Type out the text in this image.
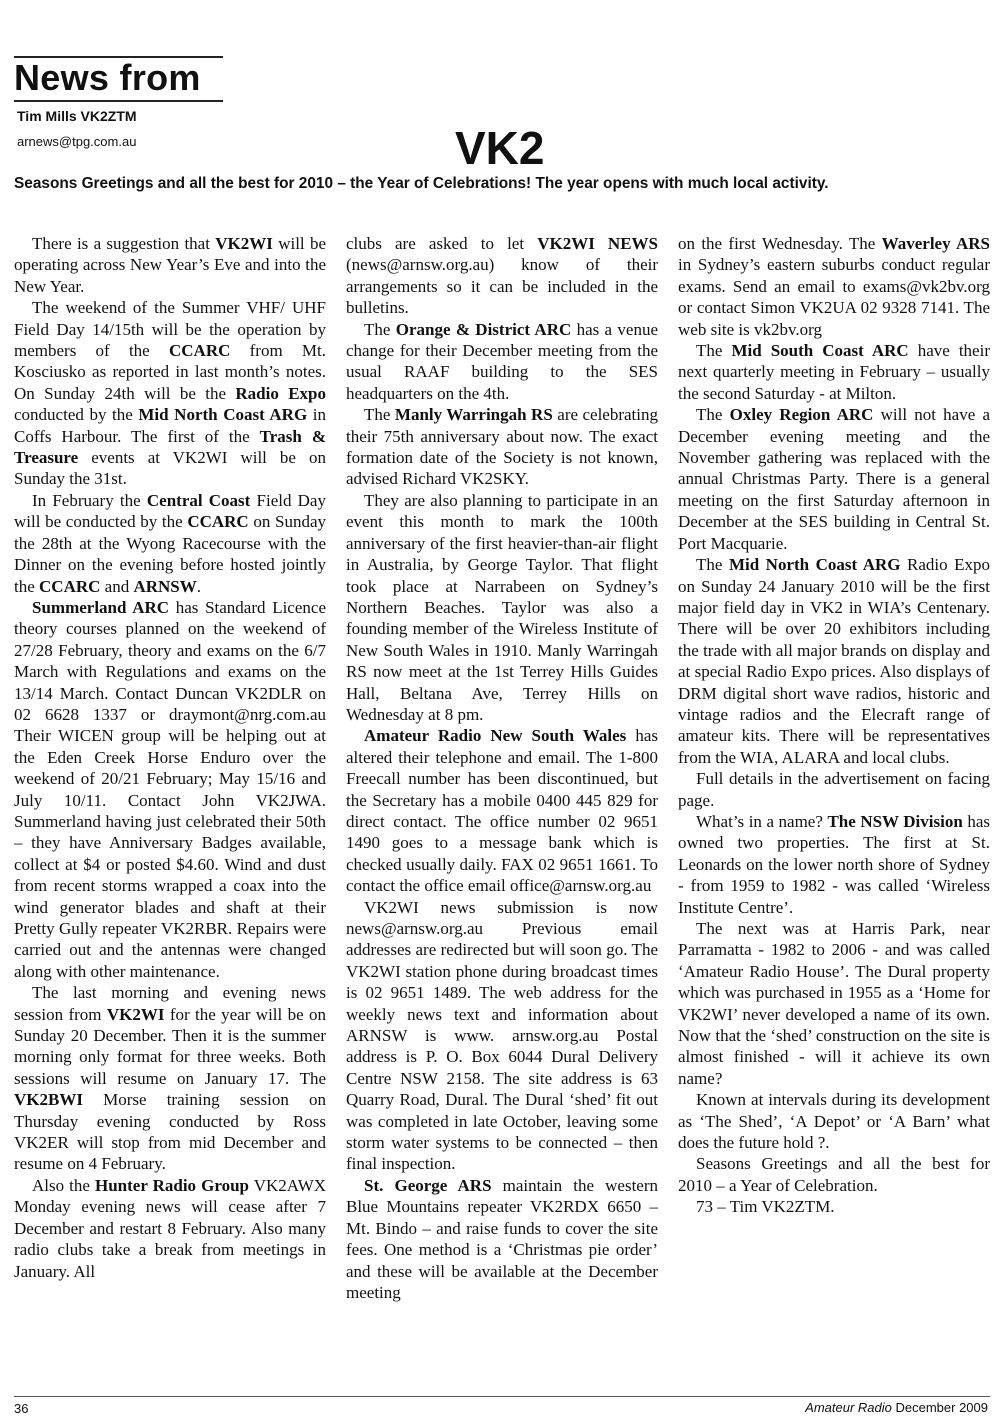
News from
Tim Mills VK2ZTM
arnews@tpg.com.au	VK2
Seasons Greetings and all the best for 2010 – the Year of Celebrations! The year opens with much local activity.

There is a suggestion that VK2WI will be operating across New Year’s Eve and into the New Year.

The weekend of the Summer VHF/ UHF Field Day 14/15th will be the operation by members of the CCARC from Mt. Kosciusko as reported in last month’s notes. On Sunday 24th will be the Radio Expo conducted by the Mid North Coast ARG in Coffs Harbour. The first of the Trash & Treasure events at VK2WI will be on Sunday the 31st.

In February the Central Coast Field Day will be conducted by the CCARC on Sunday the 28th at the Wyong Racecourse with the Dinner on the evening before hosted jointly the CCARC and ARNSW.

Summerland ARC has Standard Licence theory courses planned on the weekend of 27/28 February, theory and exams on the 6/7 March with Regulations and exams on the 13/14 March. Contact Duncan VK2DLR on 02 6628 1337 or draymont@nrg.com.au Their WICEN group will be helping out at the Eden Creek Horse Enduro over the weekend of 20/21 February; May 15/16 and July 10/11. Contact John VK2JWA. Summerland having just celebrated their 50th – they have Anniversary Badges available, collect at $4 or posted $4.60. Wind and dust from recent storms wrapped a coax into the wind generator blades and shaft at their Pretty Gully repeater VK2RBR. Repairs were carried out and the antennas were changed along with other maintenance.

The last morning and evening news session from VK2WI for the year will be on Sunday 20 December. Then it is the summer morning only format for three weeks. Both sessions will resume on January 17. The VK2BWI Morse training session on Thursday evening conducted by Ross VK2ER will stop from mid December and resume on 4 February.

Also the Hunter Radio Group VK2AWX Monday evening news will cease after 7 December and restart 8 February. Also many radio clubs take a break from meetings in January. All

clubs are asked to let VK2WI NEWS (news@arnsw.org.au) know of their arrangements so it can be included in the bulletins.

The Orange & District ARC has a venue change for their December meeting from the usual RAAF building to the SES headquarters on the 4th.

The Manly Warringah RS are celebrating their 75th anniversary about now. The exact formation date of the Society is not known, advised Richard VK2SKY.

They are also planning to participate in an event this month to mark the 100th anniversary of the first heavier-than-air flight in Australia, by George Taylor. That flight took place at Narrabeen on Sydney’s Northern Beaches. Taylor was also a founding member of the Wireless Institute of New South Wales in 1910. Manly Warringah RS now meet at the 1st Terrey Hills Guides Hall, Beltana Ave, Terrey Hills on Wednesday at 8 pm.

Amateur Radio New South Wales has altered their telephone and email. The 1-800 Freecall number has been discontinued, but the Secretary has a mobile 0400 445 829 for direct contact. The office number 02 9651 1490 goes to a message bank which is checked usually daily. FAX 02 9651 1661. To contact the office email office@arnsw.org.au

VK2WI news submission is now news@arnsw.org.au Previous email addresses are redirected but will soon go. The VK2WI station phone during broadcast times is 02 9651 1489. The web address for the weekly news text and information about ARNSW is www. arnsw.org.au Postal address is P. O. Box 6044 Dural Delivery Centre NSW 2158. The site address is 63 Quarry Road, Dural. The Dural ‘shed’ fit out was completed in late October, leaving some storm water systems to be connected – then final inspection.

St. George ARS maintain the western Blue Mountains repeater VK2RDX 6650 – Mt. Bindo – and raise funds to cover the site fees. One method is a ‘Christmas pie order’ and these will be available at the December meeting

on the first Wednesday. The Waverley ARS in Sydney’s eastern suburbs conduct regular exams. Send an email to exams@vk2bv.org or contact Simon VK2UA 02 9328 7141. The web site is vk2bv.org

The Mid South Coast ARC have their next quarterly meeting in February – usually the second Saturday - at Milton.

The Oxley Region ARC will not have a December evening meeting and the November gathering was replaced with the annual Christmas Party. There is a general meeting on the first Saturday afternoon in December at the SES building in Central St. Port Macquarie.

The Mid North Coast ARG Radio Expo on Sunday 24 January 2010 will be the first major field day in VK2 in WIA’s Centenary. There will be over 20 exhibitors including the trade with all major brands on display and at special Radio Expo prices. Also displays of DRM digital short wave radios, historic and vintage radios and the Elecraft range of amateur kits. There will be representatives from the WIA, ALARA and local clubs.

Full details in the advertisement on facing page.

What’s in a name? The NSW Division has owned two properties. The first at St. Leonards on the lower north shore of Sydney - from 1959 to 1982 - was called ‘Wireless Institute Centre’.

The next was at Harris Park, near Parramatta - 1982 to 2006 - and was called ‘Amateur Radio House’. The Dural property which was purchased in 1955 as a ‘Home for VK2WI’ never developed a name of its own. Now that the ‘shed’ construction on the site is almost finished - will it achieve its own name?

Known at intervals during its development as ‘The Shed’, ‘A Depot’ or ‘A Barn’ what does the future hold ?.

Seasons Greetings and all the best for 2010 – a Year of Celebration.

73 – Tim VK2ZTM.

36	Amateur Radio December 2009
